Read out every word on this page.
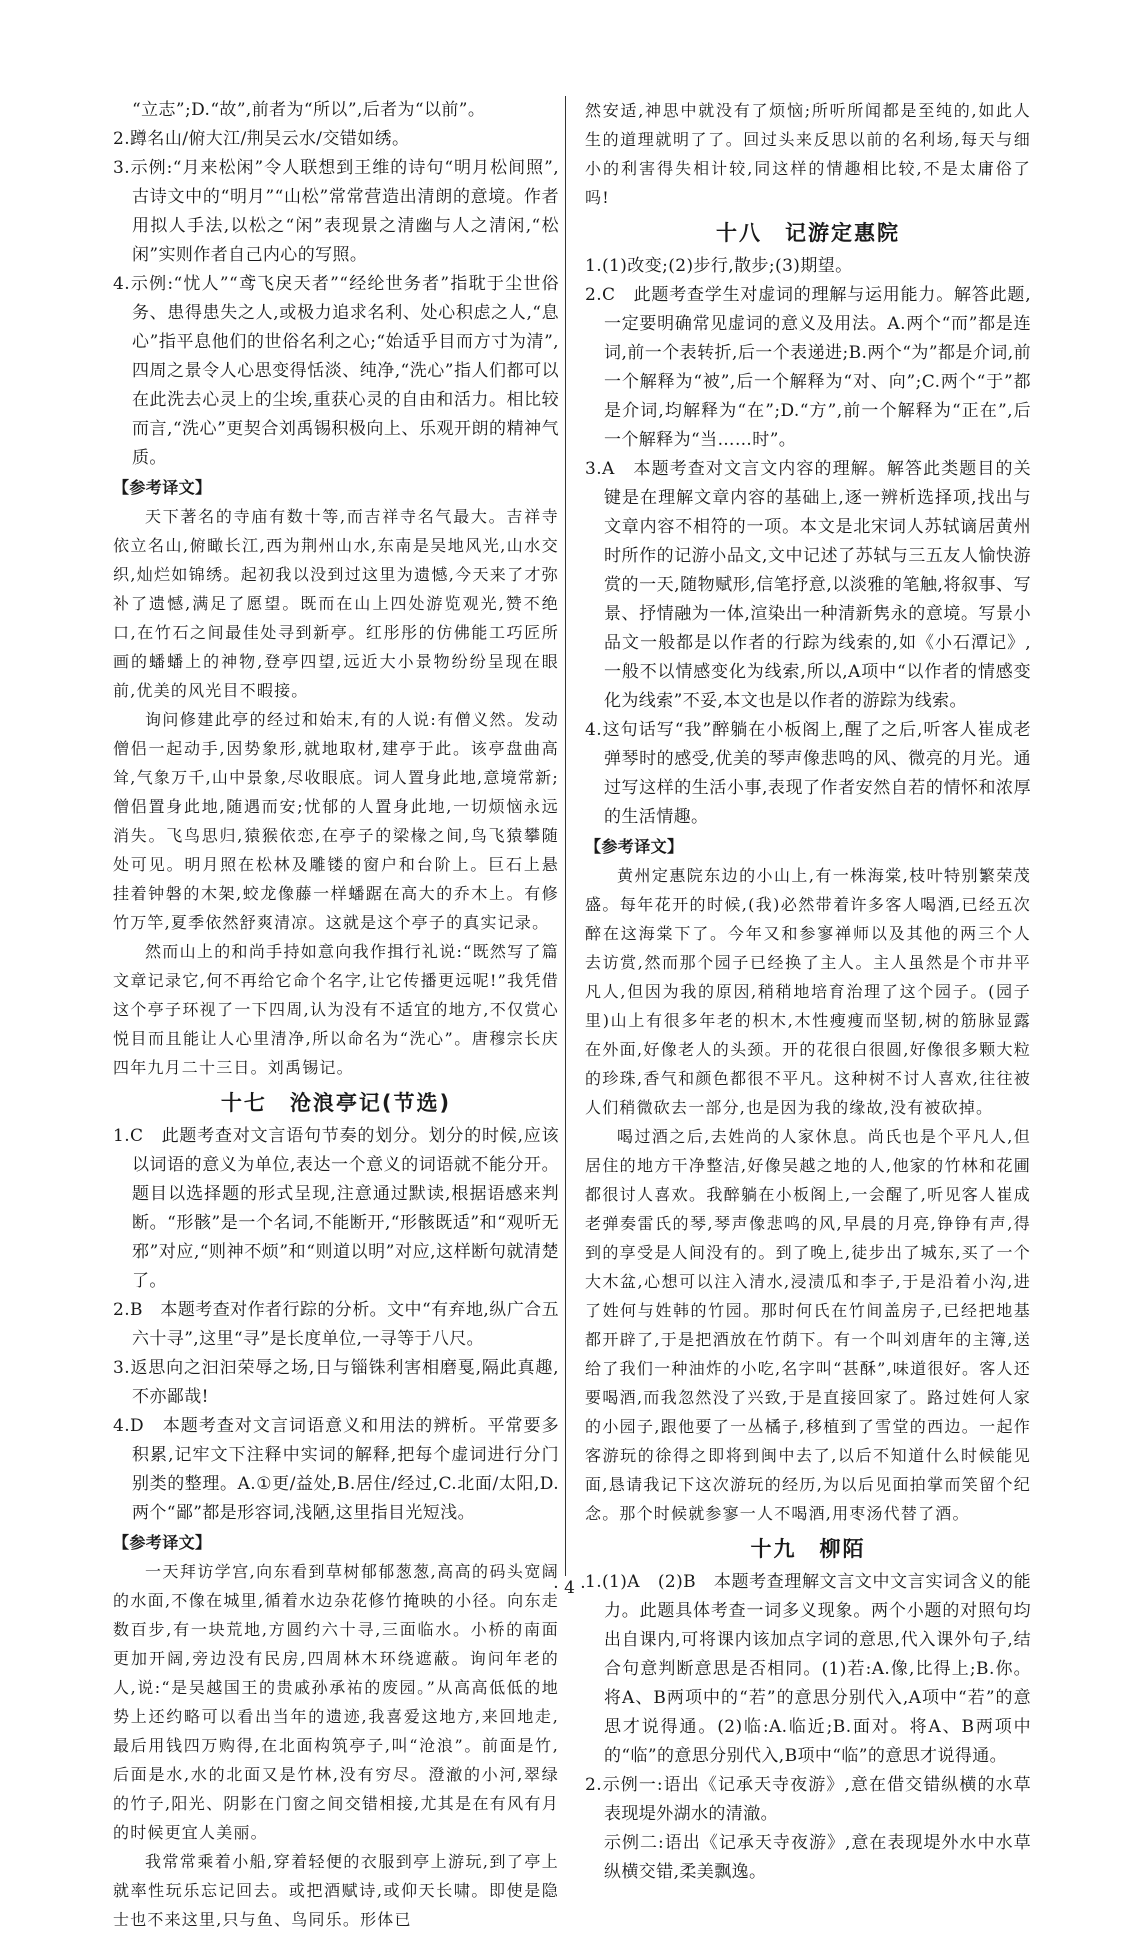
“立志”;D.“故”,前者为“所以”,后者为“以前”。

2.蹲名山/俯大江/荆吴云水/交错如绣。

3.示例:“月来松闲”令人联想到王维的诗句“明月松间照”,古诗文中的“明月”“山松”常常营造出清朗的意境。作者用拟人手法,以松之“闲”表现景之清幽与人之清闲,“松闲”实则作者自己内心的写照。

4.示例:“忧人”“鸢飞戾天者”“经纶世务者”指耽于尘世俗务、患得患失之人,或极力追求名利、处心积虑之人,“息心”指平息他们的世俗名利之心;“始适乎目而方寸为清”,四周之景令人心思变得恬淡、纯净,“洗心”指人们都可以在此洗去心灵上的尘埃,重获心灵的自由和活力。相比较而言,“洗心”更契合刘禹锡积极向上、乐观开朗的精神气质。

【参考译文】

天下著名的寺庙有数十等,而吉祥寺名气最大。吉祥寺依立名山,俯瞰长江,西为荆州山水,东南是吴地风光,山水交织,灿烂如锦绣。起初我以没到过这里为遗憾,今天来了才弥补了遗憾,满足了愿望。既而在山上四处游览观光,赞不绝口,在竹石之间最佳处寻到新亭。红彤彤的仿佛能工巧匠所画的蟠蟠上的神物,登亭四望,远近大小景物纷纷呈现在眼前,优美的风光目不暇接。

询问修建此亭的经过和始末,有的人说:有僧义然。发动僧侣一起动手,因势象形,就地取材,建亭于此。该亭盘曲高耸,气象万千,山中景象,尽收眼底。词人置身此地,意境常新;僧侣置身此地,随遇而安;忧郁的人置身此地,一切烦恼永远消失。飞鸟思归,猿猴依恋,在亭子的梁椽之间,鸟飞猿攀随处可见。明月照在松林及雕镂的窗户和台阶上。巨石上悬挂着钟磐的木架,蛟龙像藤一样蟠踞在高大的乔木上。有修竹万竿,夏季依然舒爽清凉。这就是这个亭子的真实记录。

然而山上的和尚手持如意向我作揖行礼说:“既然写了篇文章记录它,何不再给它命个名字,让它传播更远呢!”我凭借这个亭子环视了一下四周,认为没有不适宜的地方,不仅赏心悦目而且能让人心里清净,所以命名为“洗心”。唐穆宗长庆四年九月二十三日。刘禹锡记。

十七　沧浪亭记(节选)

1.C　此题考查对文言语句节奏的划分。划分的时候,应该以词语的意义为单位,表达一个意义的词语就不能分开。题目以选择题的形式呈现,注意通过默读,根据语感来判断。“形骸”是一个名词,不能断开,“形骸既适”和“观听无邪”对应,“则神不烦”和“则道以明”对应,这样断句就清楚了。

2.B　本题考查对作者行踪的分析。文中“有弃地,纵广合五六十寻”,这里“寻”是长度单位,一寻等于八尺。

3.返思向之汩汩荣辱之场,日与锱铢利害相磨戛,隔此真趣,不亦鄙哉!

4.D　本题考查对文言词语意义和用法的辨析。平常要多积累,记牢文下注释中实词的解释,把每个虚词进行分门别类的整理。A.①更/益处,B.居住/经过,C.北面/太阳,D.两个“鄙”都是形容词,浅陋,这里指目光短浅。

【参考译文】

一天拜访学宫,向东看到草树郁郁葱葱,高高的码头宽阔的水面,不像在城里,循着水边杂花修竹掩映的小径。向东走数百步,有一块荒地,方圆约六十寻,三面临水。小桥的南面更加开阔,旁边没有民房,四周林木环绕遮蔽。询问年老的人,说:“是吴越国王的贵戚孙承祐的废园。”从高高低低的地势上还约略可以看出当年的遗迹,我喜爱这地方,来回地走,最后用钱四万购得,在北面构筑亭子,叫“沧浪”。前面是竹,后面是水,水的北面又是竹林,没有穷尽。澄澈的小河,翠绿的竹子,阳光、阴影在门窗之间交错相接,尤其是在有风有月的时候更宜人美丽。

我常常乘着小船,穿着轻便的衣服到亭上游玩,到了亭上就率性玩乐忘记回去。或把酒赋诗,或仰天长啸。即使是隐士也不来这里,只与鱼、鸟同乐。形体已

然安适,神思中就没有了烦恼;所听所闻都是至纯的,如此人生的道理就明了了。回过头来反思以前的名利场,每天与细小的利害得失相计较,同这样的情趣相比较,不是太庸俗了吗!

十八　记游定惠院

1.(1)改变;(2)步行,散步;(3)期望。

2.C　此题考查学生对虚词的理解与运用能力。解答此题,一定要明确常见虚词的意义及用法。A.两个“而”都是连词,前一个表转折,后一个表递进;B.两个“为”都是介词,前一个解释为“被”,后一个解释为“对、向”;C.两个“于”都是介词,均解释为“在”;D.“方”,前一个解释为“正在”,后一个解释为“当……时”。

3.A　本题考查对文言文内容的理解。解答此类题目的关键是在理解文章内容的基础上,逐一辨析选择项,找出与文章内容不相符的一项。本文是北宋词人苏轼谪居黄州时所作的记游小品文,文中记述了苏轼与三五友人愉快游赏的一天,随物赋形,信笔抒意,以淡雅的笔触,将叙事、写景、抒情融为一体,渲染出一种清新隽永的意境。写景小品文一般都是以作者的行踪为线索的,如《小石潭记》,一般不以情感变化为线索,所以,A项中“以作者的情感变化为线索”不妥,本文也是以作者的游踪为线索。

4.这句话写“我”醉躺在小板阁上,醒了之后,听客人崔成老弹琴时的感受,优美的琴声像悲鸣的风、微亮的月光。通过写这样的生活小事,表现了作者安然自若的情怀和浓厚的生活情趣。

【参考译文】

黄州定惠院东边的小山上,有一株海棠,枝叶特别繁荣茂盛。每年花开的时候,(我)必然带着许多客人喝酒,已经五次醉在这海棠下了。今年又和参寥禅师以及其他的两三个人去访赏,然而那个园子已经换了主人。主人虽然是个市井平凡人,但因为我的原因,稍稍地培育治理了这个园子。(园子里)山上有很多年老的枳木,木性瘦痩而坚韧,树的筋脉显露在外面,好像老人的头颈。开的花很白很圆,好像很多颗大粒的珍珠,香气和颜色都很不平凡。这种树不讨人喜欢,往往被人们稍微砍去一部分,也是因为我的缘故,没有被砍掉。

喝过酒之后,去姓尚的人家休息。尚氏也是个平凡人,但居住的地方干净整洁,好像吴越之地的人,他家的竹林和花圃都很讨人喜欢。我醉躺在小板阁上,一会醒了,听见客人崔成老弹奏雷氏的琴,琴声像悲鸣的风,早晨的月亮,铮铮有声,得到的享受是人间没有的。到了晚上,徒步出了城东,买了一个大木盆,心想可以注入清水,浸渍瓜和李子,于是沿着小沟,进了姓何与姓韩的竹园。那时何氏在竹间盖房子,已经把地基都开辟了,于是把酒放在竹荫下。有一个叫刘唐年的主簿,送给了我们一种油炸的小吃,名字叫“甚酥”,味道很好。客人还要喝酒,而我忽然没了兴致,于是直接回家了。路过姓何人家的小园子,跟他要了一丛橘子,移植到了雪堂的西边。一起作客游玩的徐得之即将到闽中去了,以后不知道什么时候能见面,恳请我记下这次游玩的经历,为以后见面拍掌而笑留个纪念。那个时候就参寥一人不喝酒,用枣汤代替了酒。

十九　柳陌

1.(1)A　(2)B　本题考查理解文言文中文言实词含义的能力。此题具体考查一词多义现象。两个小题的对照句均出自课内,可将课内该加点字词的意思,代入课外句子,结合句意判断意思是否相同。(1)若:A.像,比得上;B.你。将A、B两项中的“若”的意思分别代入,A项中“若”的意思才说得通。(2)临:A.临近;B.面对。将A、B两项中的“临”的意思分别代入,B项中“临”的意思才说得通。

2.示例一:语出《记承天寺夜游》,意在借交错纵横的水草表现堤外湖水的清澈。

示例二:语出《记承天寺夜游》,意在表现堤外水中水草纵横交错,柔美飘逸。

· 4 ·
